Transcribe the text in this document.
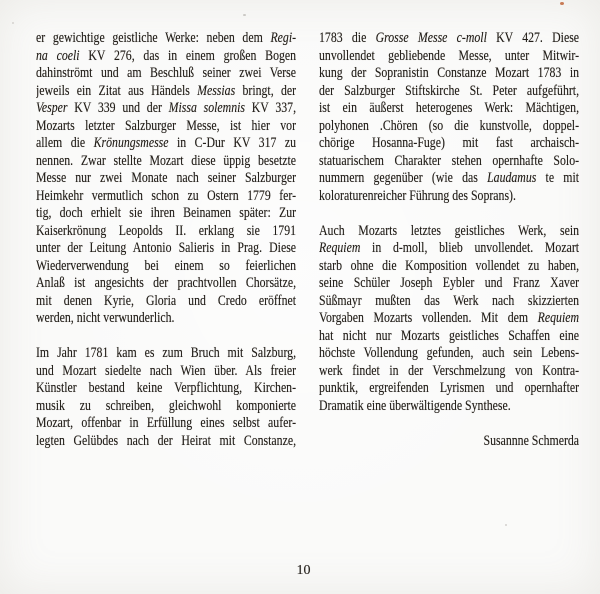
er gewichtige geistliche Werke: neben dem Regi-
na coeli KV 276, das in einem großen Bogen
dahinströmt und am Beschluß seiner zwei Verse
jeweils ein Zitat aus Händels Messias bringt, der
Vesper KV 339 und der Missa solemnis KV 337,
Mozarts letzter Salzburger Messe, ist hier vor
allem die Krönungsmesse in C-Dur KV 317 zu
nennen. Zwar stellte Mozart diese üppig besetzte
Messe nur zwei Monate nach seiner Salzburger
Heimkehr vermutlich schon zu Ostern 1779 fer-
tig, doch erhielt sie ihren Beinamen später: Zur
Kaiserkrönung Leopolds II. erklang sie 1791
unter der Leitung Antonio Salieris in Prag. Diese
Wiederverwendung bei einem so feierlichen
Anlaß ist angesichts der prachtvollen Chorsätze,
mit denen Kyrie, Gloria und Credo eröffnet
werden, nicht verwunderlich.
Im Jahr 1781 kam es zum Bruch mit Salzburg,
und Mozart siedelte nach Wien über. Als freier
Künstler bestand keine Verpflichtung, Kirchen-
musik zu schreiben, gleichwohl komponierte
Mozart, offenbar in Erfüllung eines selbst aufer-
legten Gelübdes nach der Heirat mit Constanze,
1783 die Grosse Messe c-moll KV 427. Diese
unvollendet gebliebende Messe, unter Mitwir-
kung der Sopranistin Constanze Mozart 1783 in
der Salzburger Stiftskirche St. Peter aufgeführt,
ist ein äußerst heterogenes Werk: Mächtigen,
polyhonen .Chören (so die kunstvolle, doppel-
chörige Hosanna-Fuge) mit fast archaisch-
statuarischem Charakter stehen opernhafte Solo-
nummern gegenüber (wie das Laudamus te mit
koloraturenreicher Führung des Soprans).
Auch Mozarts letztes geistliches Werk, sein
Requiem in d-moll, blieb unvollendet. Mozart
starb ohne die Komposition vollendet zu haben,
seine Schüler Joseph Eybler und Franz Xaver
Süßmayr mußten das Werk nach skizzierten
Vorgaben Mozarts vollenden. Mit dem Requiem
hat nicht nur Mozarts geistliches Schaffen eine
höchste Vollendung gefunden, auch sein Lebens-
werk findet in der Verschmelzung von Kontra-
punktik, ergreifenden Lyrismen und opernhafter
Dramatik eine überwältigende Synthese.
Susannne Schmerda
10
